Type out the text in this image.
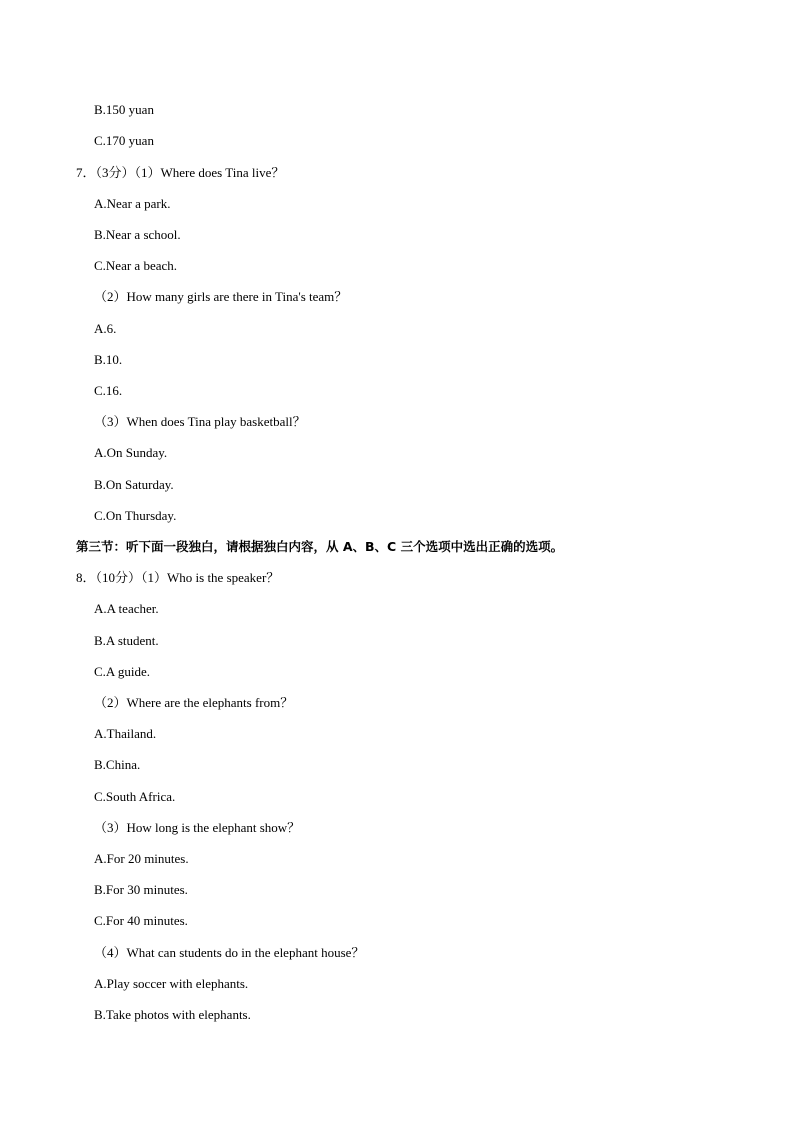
B.150 yuan
C.170 yuan
7．（3分）（1）Where does Tina live？
A.Near a park.
B.Near a school.
C.Near a beach.
（2）How many girls are there in Tina's team？
A.6.
B.10.
C.16.
（3）When does Tina play basketball？
A.On Sunday.
B.On Saturday.
C.On Thursday.
第三节：听下面一段独白，请根据独白内容，从 A、B、C 三个选项中选出正确的选项。
8．（10分）（1）Who is the speaker？
A.A teacher.
B.A student.
C.A guide.
（2）Where are the elephants from？
A.Thailand.
B.China.
C.South Africa.
（3）How long is the elephant show？
A.For 20 minutes.
B.For 30 minutes.
C.For 40 minutes.
（4）What can students do in the elephant house？
A.Play soccer with elephants.
B.Take photos with elephants.
